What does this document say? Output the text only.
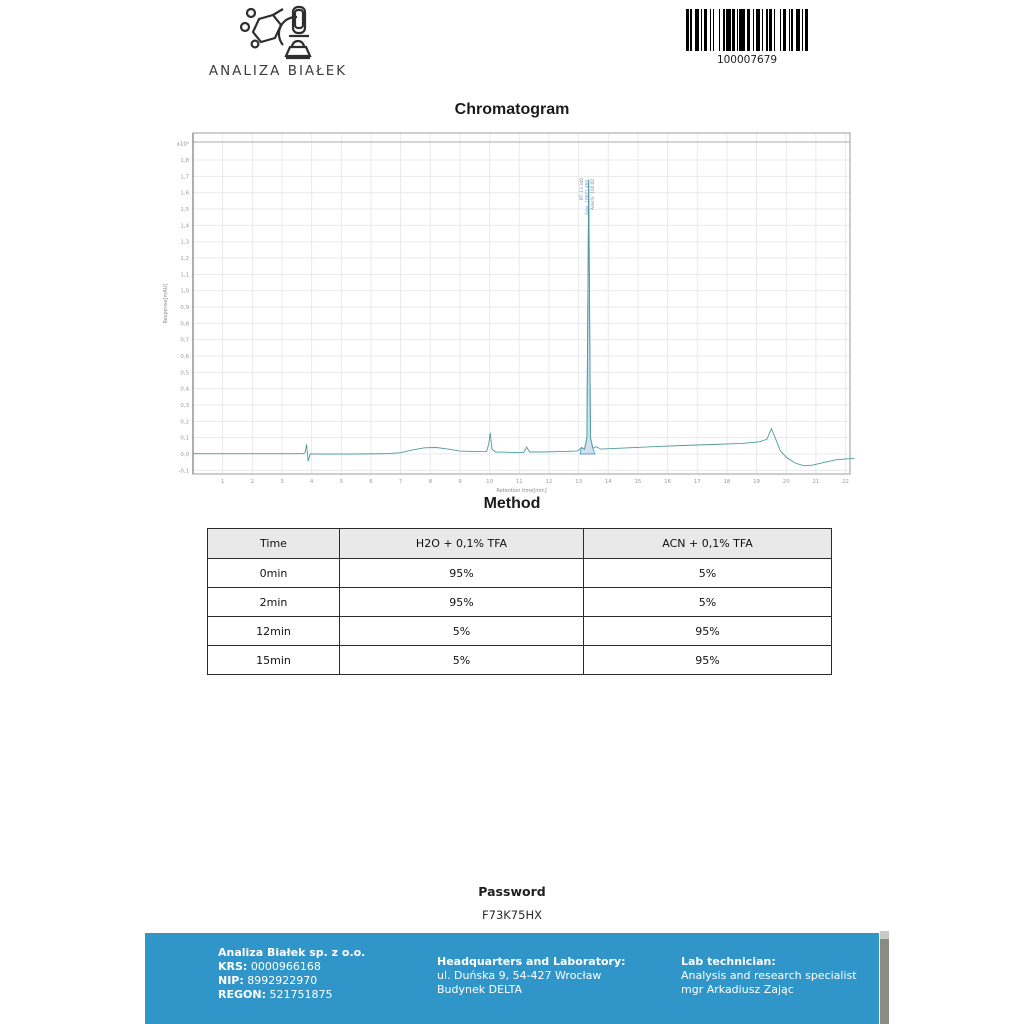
ANALIZA BIAŁEK
100007679
Chromatogram
x10³
-0,1
0,0
0,1
0,2
0,3
0,4
0,5
0,6
0,7
0,8
0,9
1,0
1,1
1,2
1,3
1,4
1,5
1,6
1,7
1,8
1	2	3	4	5	6	7	8	9	10	11	12	13	14	15	16	17	18	19	20	21	22
Retention time[min]
Response[mAU]
RT: 13.340 Area: 18671.460 Area%: 100.00
Method
Time	H2O + 0,1% TFA	ACN + 0,1% TFA
0min	95%	5%
2min	95%	5%
12min	5%	95%
15min	5%	95%
Password
F73K75HX
Analiza Białek sp. z o.o.
KRS: 0000966168
NIP: 8992922970
REGON: 521751875
Headquarters and Laboratory:
ul. Duńska 9, 54-427 Wrocław
Budynek DELTA
Lab technician:
Analysis and research specialist
mgr Arkadiusz Zając
